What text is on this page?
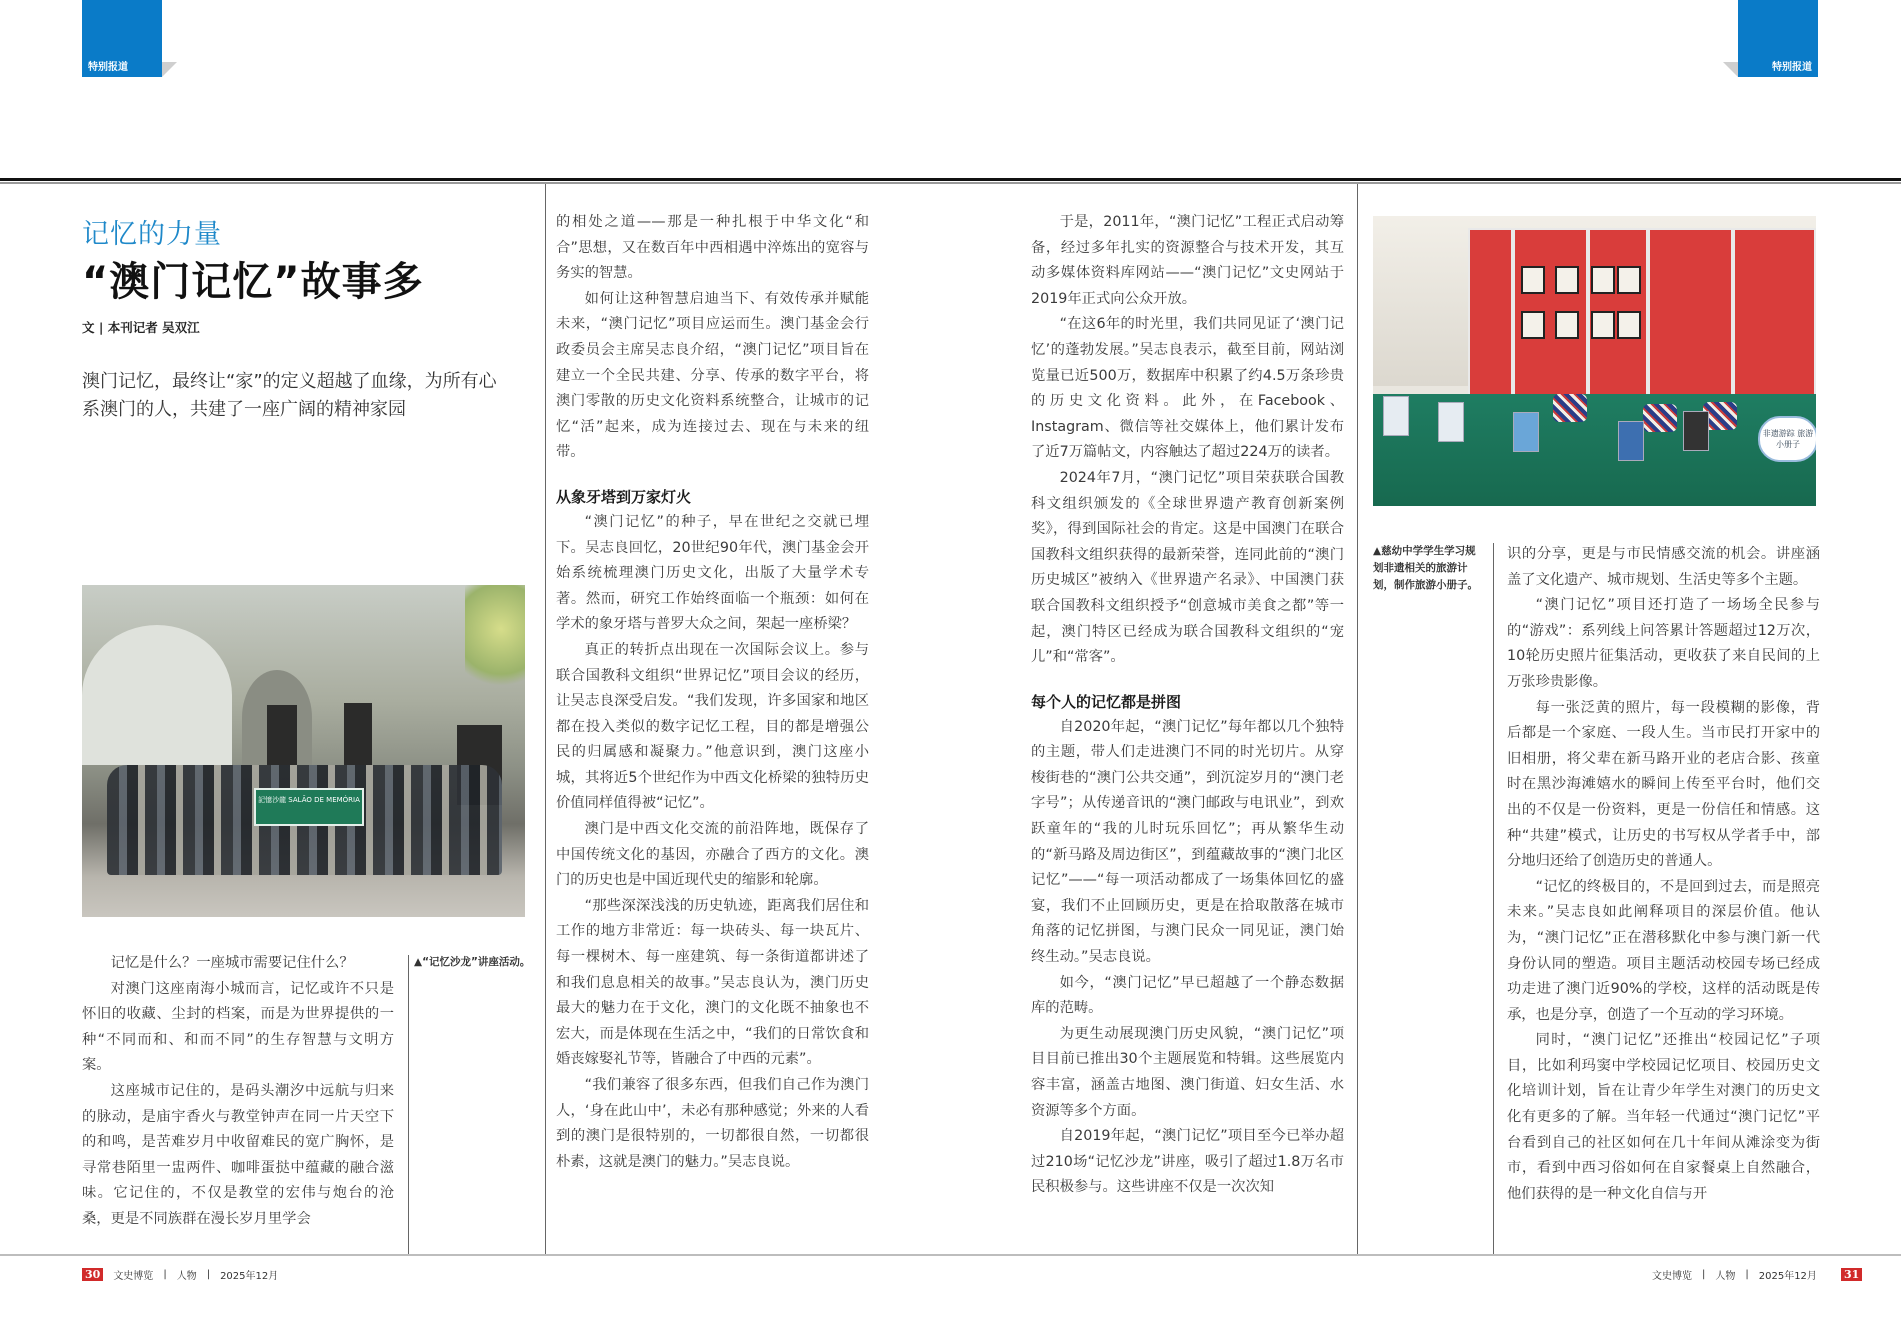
特别报道	特别报道
记忆的力量
“澳门记忆”故事多
文 | 本刊记者 吴双江
澳门记忆，最终让“家”的定义超越了血缘，为所有心系澳门的人，共建了一座广阔的精神家园
記憶沙龍 SALÃO DE MEMÓRIA
▲“记忆沙龙”讲座活动。
非遗游踪 旅游小册子
▲慈幼中学学生学习规划非遗相关的旅游计划，制作旅游小册子。

记忆是什么？一座城市需要记住什么？

对澳门这座南海小城而言，记忆或许不只是怀旧的收藏、尘封的档案，而是为世界提供的一种“不同而和、和而不同”的生存智慧与文明方案。

这座城市记住的，是码头潮汐中远航与归来的脉动，是庙宇香火与教堂钟声在同一片天空下的和鸣，是苦难岁月中收留难民的宽广胸怀，是寻常巷陌里一盅两件、咖啡蛋挞中蕴藏的融合滋味。它记住的，不仅是教堂的宏伟与炮台的沧桑，更是不同族群在漫长岁月里学会

的相处之道——那是一种扎根于中华文化“和合”思想，又在数百年中西相遇中淬炼出的宽容与务实的智慧。

如何让这种智慧启迪当下、有效传承并赋能未来，“澳门记忆”项目应运而生。澳门基金会行政委员会主席吴志良介绍，“澳门记忆”项目旨在建立一个全民共建、分享、传承的数字平台，将澳门零散的历史文化资料系统整合，让城市的记忆“活”起来，成为连接过去、现在与未来的纽带。

从象牙塔到万家灯火

“澳门记忆”的种子，早在世纪之交就已埋下。吴志良回忆，20世纪90年代，澳门基金会开始系统梳理澳门历史文化，出版了大量学术专著。然而，研究工作始终面临一个瓶颈：如何在学术的象牙塔与普罗大众之间，架起一座桥梁？

真正的转折点出现在一次国际会议上。参与联合国教科文组织“世界记忆”项目会议的经历，让吴志良深受启发。“我们发现，许多国家和地区都在投入类似的数字记忆工程，目的都是增强公民的归属感和凝聚力。”他意识到，澳门这座小城，其将近5个世纪作为中西文化桥梁的独特历史价值同样值得被“记忆”。

澳门是中西文化交流的前沿阵地，既保存了中国传统文化的基因，亦融合了西方的文化。澳门的历史也是中国近现代史的缩影和轮廓。

“那些深深浅浅的历史轨迹，距离我们居住和工作的地方非常近：每一块砖头、每一块瓦片、每一棵树木、每一座建筑、每一条街道都讲述了和我们息息相关的故事。”吴志良认为，澳门历史最大的魅力在于文化，澳门的文化既不抽象也不宏大，而是体现在生活之中，“我们的日常饮食和婚丧嫁娶礼节等，皆融合了中西的元素”。

“我们兼容了很多东西，但我们自己作为澳门人，‘身在此山中’，未必有那种感觉；外来的人看到的澳门是很特别的，一切都很自然，一切都很朴素，这就是澳门的魅力。”吴志良说。

于是，2011年，“澳门记忆”工程正式启动筹备，经过多年扎实的资源整合与技术开发，其互动多媒体资料库网站——“澳门记忆”文史网站于2019年正式向公众开放。

“在这6年的时光里，我们共同见证了‘澳门记忆’的蓬勃发展。”吴志良表示，截至目前，网站浏览量已近500万，数据库中积累了约4.5万条珍贵的历史文化资料。此外，在Facebook、Instagram、微信等社交媒体上，他们累计发布了近7万篇帖文，内容触达了超过224万的读者。

2024年7月，“澳门记忆”项目荣获联合国教科文组织颁发的《全球世界遗产教育创新案例奖》，得到国际社会的肯定。这是中国澳门在联合国教科文组织获得的最新荣誉，连同此前的“澳门历史城区”被纳入《世界遗产名录》、中国澳门获联合国教科文组织授予“创意城市美食之都”等一起，澳门特区已经成为联合国教科文组织的“宠儿”和“常客”。

每个人的记忆都是拼图

自2020年起，“澳门记忆”每年都以几个独特的主题，带人们走进澳门不同的时光切片。从穿梭街巷的“澳门公共交通”，到沉淀岁月的“澳门老字号”；从传递音讯的“澳门邮政与电讯业”，到欢跃童年的“我的儿时玩乐回忆”；再从繁华生动的“新马路及周边街区”，到蕴藏故事的“澳门北区记忆”——“每一项活动都成了一场集体回忆的盛宴，我们不止回顾历史，更是在拾取散落在城市角落的记忆拼图，与澳门民众一同见证，澳门始终生动。”吴志良说。

如今，“澳门记忆”早已超越了一个静态数据库的范畴。

为更生动展现澳门历史风貌，“澳门记忆”项目目前已推出30个主题展览和特辑。这些展览内容丰富，涵盖古地图、澳门街道、妇女生活、水资源等多个方面。

自2019年起，“澳门记忆”项目至今已举办超过210场“记忆沙龙”讲座，吸引了超过1.8万名市民积极参与。这些讲座不仅是一次次知

识的分享，更是与市民情感交流的机会。讲座涵盖了文化遗产、城市规划、生活史等多个主题。

“澳门记忆”项目还打造了一场场全民参与的“游戏”：系列线上问答累计答题超过12万次，10轮历史照片征集活动，更收获了来自民间的上万张珍贵影像。

每一张泛黄的照片，每一段模糊的影像，背后都是一个家庭、一段人生。当市民打开家中的旧相册，将父辈在新马路开业的老店合影、孩童时在黑沙海滩嬉水的瞬间上传至平台时，他们交出的不仅是一份资料，更是一份信任和情感。这种“共建”模式，让历史的书写权从学者手中，部分地归还给了创造历史的普通人。

“记忆的终极目的，不是回到过去，而是照亮未来。”吴志良如此阐释项目的深层价值。他认为，“澳门记忆”正在潜移默化中参与澳门新一代身份认同的塑造。项目主题活动校园专场已经成功走进了澳门近90%的学校，这样的活动既是传承，也是分享，创造了一个互动的学习环境。

同时，“澳门记忆”还推出“校园记忆”子项目，比如利玛窦中学校园记忆项目、校园历史文化培训计划，旨在让青少年学生对澳门的历史文化有更多的了解。当年轻一代通过“澳门记忆”平台看到自己的社区如何在几十年间从滩涂变为街市，看到中西习俗如何在自家餐桌上自然融合，他们获得的是一种文化自信与开

30	文史博览 | 人物 | 2025年12月	文史博览 | 人物 | 2025年12月 31
